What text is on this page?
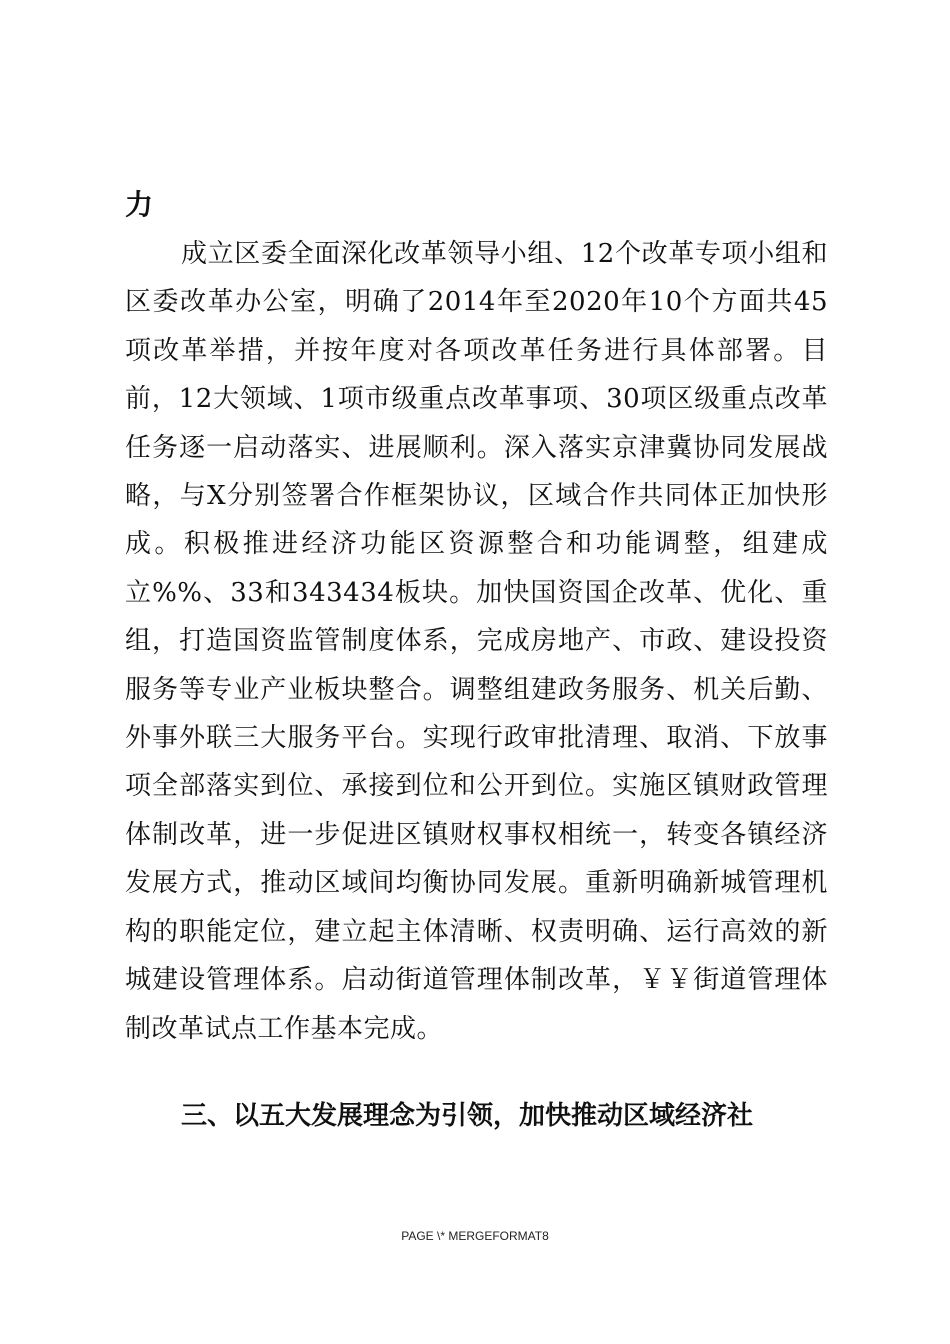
力

成立区委全面深化改革领导小组、12个改革专项小组和区委改革办公室，明确了2014年至2020年10个方面共45项改革举措，并按年度对各项改革任务进行具体部署。目前，12大领域、1项市级重点改革事项、30项区级重点改革任务逐一启动落实、进展顺利。深入落实京津冀协同发展战略，与X分别签署合作框架协议，区域合作共同体正加快形成。积极推进经济功能区资源整合和功能调整，组建成立%%、33和343434板块。加快国资国企改革、优化、重组，打造国资监管制度体系，完成房地产、市政、建设投资服务等专业产业板块整合。调整组建政务服务、机关后勤、外事外联三大服务平台。实现行政审批清理、取消、下放事项全部落实到位、承接到位和公开到位。实施区镇财政管理体制改革，进一步促进区镇财权事权相统一，转变各镇经济发展方式，推动区域间均衡协同发展。重新明确新城管理机构的职能定位，建立起主体清晰、权责明确、运行高效的新城建设管理体系。启动街道管理体制改革，￥￥街道管理体制改革试点工作基本完成。

三、以五大发展理念为引领，加快推动区域经济社

PAGE \* MERGEFORMAT8
